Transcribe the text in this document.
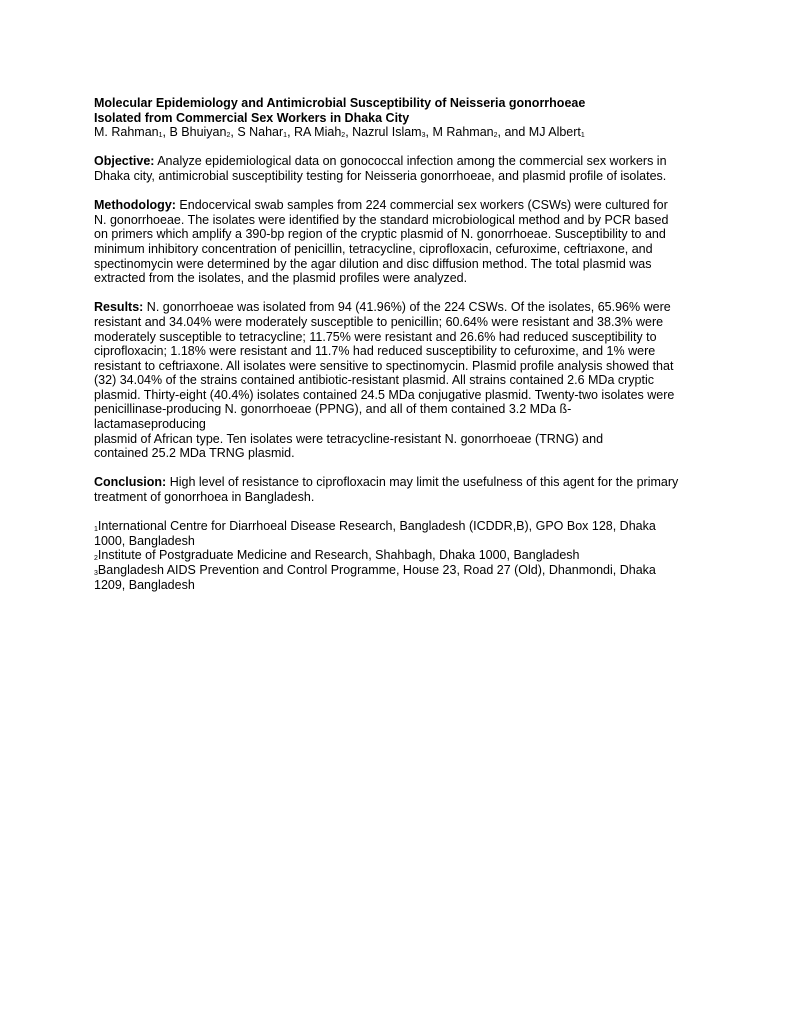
Molecular Epidemiology and Antimicrobial Susceptibility of Neisseria gonorrhoeae
Isolated from Commercial Sex Workers in Dhaka City
M. Rahman$_1$, B Bhuiyan$_2$, S Nahar$_1$, RA Miah$_2$, Nazrul Islam$_3$, M Rahman$_2$, and MJ Albert$_1$
Objective: Analyze epidemiological data on gonococcal infection among the commercial sex workers in
Dhaka city, antimicrobial susceptibility testing for Neisseria gonorrhoeae, and plasmid profile of isolates.
Methodology: Endocervical swab samples from 224 commercial sex workers (CSWs) were cultured for
N. gonorrhoeae. The isolates were identified by the standard microbiological method and by PCR based
on primers which amplify a 390-bp region of the cryptic plasmid of N. gonorrhoeae. Susceptibility to and
minimum inhibitory concentration of penicillin, tetracycline, ciprofloxacin, cefuroxime, ceftriaxone, and
spectinomycin were determined by the agar dilution and disc diffusion method. The total plasmid was
extracted from the isolates, and the plasmid profiles were analyzed.
Results: N. gonorrhoeae was isolated from 94 (41.96%) of the 224 CSWs. Of the isolates, 65.96% were
resistant and 34.04% were moderately susceptible to penicillin; 60.64% were resistant and 38.3% were
moderately susceptible to tetracycline; 11.75% were resistant and 26.6% had reduced susceptibility to
ciprofloxacin; 1.18% were resistant and 11.7% had reduced susceptibility to cefuroxime, and 1% were
resistant to ceftriaxone. All isolates were sensitive to spectinomycin. Plasmid profile analysis showed that
(32) 34.04% of the strains contained antibiotic-resistant plasmid. All strains contained 2.6 MDa cryptic
plasmid. Thirty-eight (40.4%) isolates contained 24.5 MDa conjugative plasmid. Twenty-two isolates were
penicillinase-producing N. gonorrhoeae (PPNG), and all of them contained 3.2 MDa ß-
lactamaseproducing
plasmid of African type. Ten isolates were tetracycline-resistant N. gonorrhoeae (TRNG) and
contained 25.2 MDa TRNG plasmid.
Conclusion: High level of resistance to ciprofloxacin may limit the usefulness of this agent for the primary
treatment of gonorrhoea in Bangladesh.
1International Centre for Diarrhoeal Disease Research, Bangladesh (ICDDR,B), GPO Box 128, Dhaka
1000, Bangladesh
2Institute of Postgraduate Medicine and Research, Shahbagh, Dhaka 1000, Bangladesh
3Bangladesh AIDS Prevention and Control Programme, House 23, Road 27 (Old), Dhanmondi, Dhaka
1209, Bangladesh
